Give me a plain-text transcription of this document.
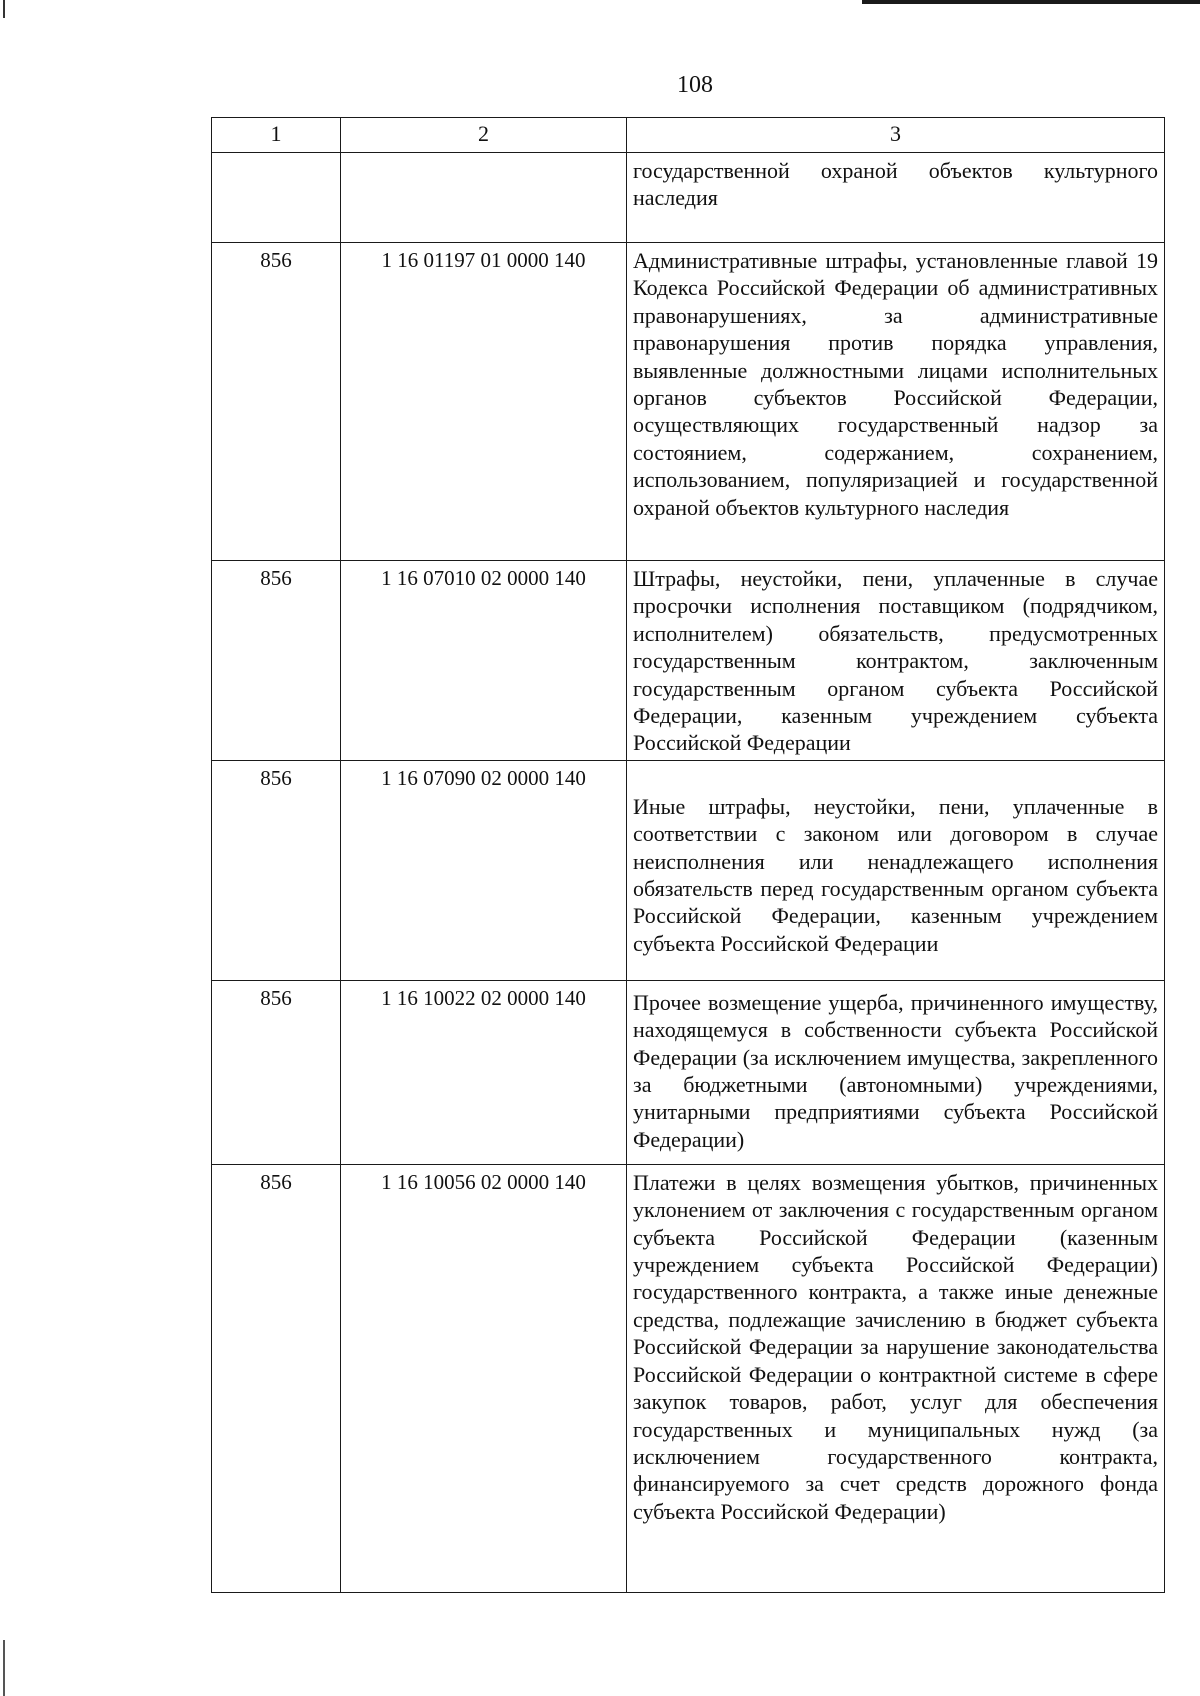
108
1	2	3
		государственной охраной объектов культурного наследия
856	1 16 01197 01 0000 140	Административные штрафы, установленные главой 19 Кодекса Российской Федерации об административных правонарушениях, за административные правонарушения против порядка управления, выявленные должностными лицами исполнительных органов субъектов Российской Федерации, осуществляющих государственный надзор за состоянием, содержанием, сохранением, использованием, популяризацией и государственной охраной объектов культурного наследия
856	1 16 07010 02 0000 140	Штрафы, неустойки, пени, уплаченные в случае просрочки исполнения поставщиком (подрядчиком, исполнителем) обязательств, предусмотренных государственным контрактом, заключенным государственным органом субъекта Российской Федерации, казенным учреждением субъекта Российской Федерации
856	1 16 07090 02 0000 140	Иные штрафы, неустойки, пени, уплаченные в соответствии с законом или договором в случае неисполнения или ненадлежащего исполнения обязательств перед государственным органом субъекта Российской Федерации, казенным учреждением субъекта Российской Федерации
856	1 16 10022 02 0000 140	Прочее возмещение ущерба, причиненного имуществу, находящемуся в собственности субъекта Российской Федерации (за исключением имущества, закрепленного за бюджетными (автономными) учреждениями, унитарными предприятиями субъекта Российской Федерации)
856	1 16 10056 02 0000 140	Платежи в целях возмещения убытков, причиненных уклонением от заключения с государственным органом субъекта Российской Федерации (казенным учреждением субъекта Российской Федерации) государственного контракта, а также иные денежные средства, подлежащие зачислению в бюджет субъекта Российской Федерации за нарушение законодательства Российской Федерации о контрактной системе в сфере закупок товаров, работ, услуг для обеспечения государственных и муниципальных нужд (за исключением государственного контракта, финансируемого за счет средств дорожного фонда субъекта Российской Федерации)
